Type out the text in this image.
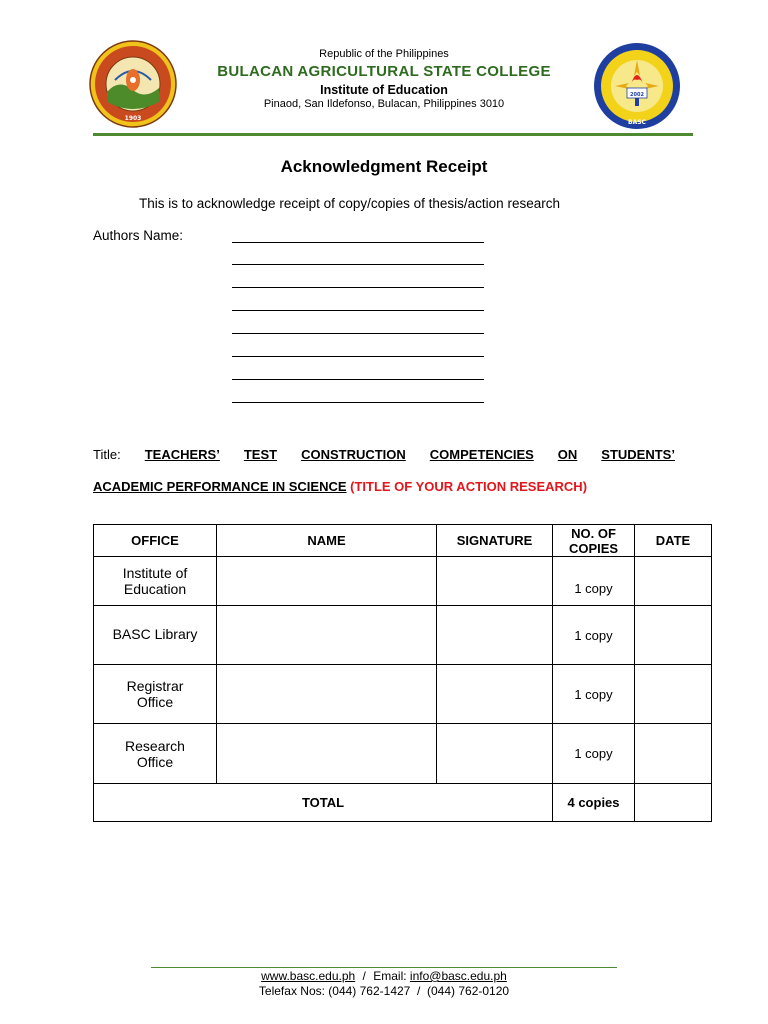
1903
Republic of the Philippines
BULACAN AGRICULTURAL STATE COLLEGE
Institute of Education
Pinaod, San Ildefonso, Bulacan, Philippines 3010
2002
BASC
Acknowledgment Receipt
This is to acknowledge receipt of copy/copies of thesis/action research
Authors Name:
Title: TEACHERS’ TEST CONSTRUCTION COMPETENCIES ON STUDENTS’
ACADEMIC PERFORMANCE IN SCIENCE (TITLE OF YOUR ACTION RESEARCH)
OFFICE	NAME	SIGNATURE	NO. OF COPIES	DATE
Institute of Education			1 copy	
BASC Library			1 copy	
Registrar Office			1 copy	
Research Office			1 copy	
TOTAL			4 copies	
www.basc.edu.ph / Email: info@basc.edu.ph
Telefax Nos: (044) 762-1427  /  (044) 762-0120
